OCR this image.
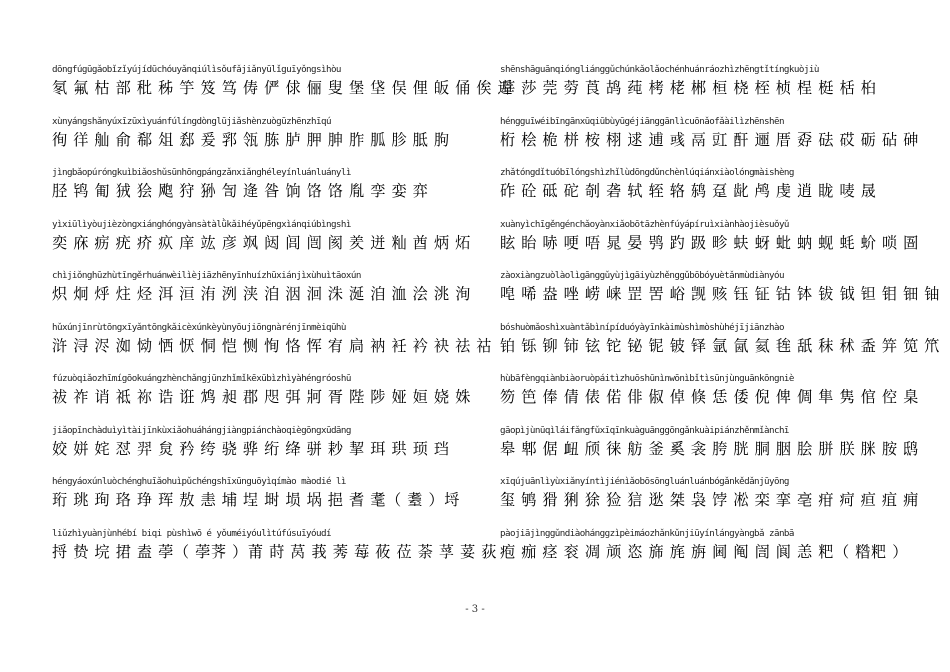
dōngfúgūgǎobǐzǐyújídūchóuyǎnqiúlìsǒufǎjiǎnyūlǐguīyǒngsìhòu
氡 氟 枯 部 秕 秭 竽 笈 笃 俦 俨 俅 俪 叟 堡 垡 俣 俚 皈 俑 俟 逅
xùnyángshǎnyúxīzūxìyuánfúlíngdònglūjiǎshènzuògūzhēnzhīqú
徇 徉 舢 俞 郗 俎 郄 爰 郛 瓴 胨 胪 胛 胂 胙 胍 胗 胝 朐
jìngbǎopúróngkuìbiǎoshǔsūnhōngpángzǎnxiǎnghéleyínluánluánylì
胫 鸨 匍 狨 狯 飑 狩 狲 訇 逄 昝 饷 饹 饹 胤 孪 娈 弈
yìxiūlìyòujièzòngxiánghóngyànsàtàlǜkǎihéyǔpēngxìánqiúbìngshì
奕 庥 疬 疣 疥 疭 庠 竑 彦 飒 闼 闾 闿 阂 羑 迸 籼 酋 炳 炻
chìjiǒnghūzhùtīngěrhuánwèilìèjiāzhēnyīnhuízhūxiánjìxùhuìtāoxún
炽 炯 烀 炷 烃 洱 洹 洧 洌 浃 洎 洇 洄 洙 涎 洎 洫 浍 洮 洵
hǔxúnjīnrùtōngxīyǎntōngkǎicèxúnkèyùnyōujiōngnàrénjīnmèiqūhù
浒 浔 浕 洳 恸 恓 恹 恫 恺 恻 恂 恪 恽 宥 扃 衲 衽 衿 袂 祛 祜
fúzuòqiǎozhīmígōokuángzhènchǎngjūnzhǐmǐkēxūbìzhìyàhéngróoshū
祓 祚 诮 祗 祢 诰 诳 鸩 昶 郡 咫 弭 牁 胥 陛 陟 娅 姮 娆 姝
jiǎopīnchàduìyìtàijīnkùxiǎohuáhángjiàngpiánchàoqiègōngxūdāng
姣 姘 姹 怼 羿 炱 矜 绔 骁 骅 绗 绛 骈 耖 挈 珥 珙 顼 珰
héngyáoxúnluòchénghuīǎohuìpǔchéngshīxūnguōyìqímào màodié lì
珩 珧 珣 珞 琤 珲 敖 恚 埔 埕 埘 埙 埚 挹 耆 耄（ 耋 ）埒
liǔzhìyuànjùnhébí biqi pùshìwō é yǒuméiyóulìtúfúsuīyóudí
捋 贽 垸 捃 盍 荸（ 荸荠 ）莆 莳 莴 莪 莠 莓 莜 莅 荼 莩 荽 荻
shēnshāguānqióngliánggǔchúnkǎolǎochénhuánráozhìzhēngtǐtíngkuòjiù
莘 莎 莞 䓖 莨 鸪 莼 栲 栳 郴 桓 桡 桎 桢 桯 梃 栝 桕
héngguīwéibīngānxūqiūbùyūgéjiānggānlìcuōnǎofǎàilìzhēnshēn
桁 桧 桅 栟 桉 栩 逑 逋 彧 鬲 豇 酐 逦 厝 孬 砝 砹 砺 砧 砷
zhǎtóngdǐtuóbīlóngshìzhǐlùdōngdǔnchènlúqiánxiàolóngmàishèng
砟 砼 砥 砣 剞 砻 轼 轾 辂 鸫 趸 龀 鸬 虔 逍 眬 唛 晟
xuànyìchīgěngénchǎoyànxiǎobōtāzhènfúyápíruìxiànhàojièsuǒyǔ
眩 眙 哧 哽 唔 晁 晏 鸮 趵 趿 畛 蚨 蚜 蚍 蚋 蚬 蚝 蚧 唢 圄
zàoxiàngzuòlàolìgānggǔyùjìgāiyùzhěnggǔbōbóyuètǎnmùdiànyóu
唣 唏 盎 唑 崂 崃 罡 罟 峪 觊 赅 钰 钲 钴 钵 钹 钺 钽 钼 钿 铀
bóshuòmǎoshìxuàntǎbìnípíduóyàyīnkàimùshìmòshùhéjījiānzhào
铂 铄 铆 铈 铉 铊 铋 铌 铍 铎 氩 氤 氦 毪 舐 秣 秫 盉 笄 笕 笊
hùbāfèngqiànbiàoruòpáitìzhuōshūnìnwōnìbǐtìsūnjùnguānkōngniè
笏 笆 俸 倩 俵 偌 俳 俶 倬 倏 恁 倭 倪 俾 倜 隼 隽 倌 倥 臬
gāopìjùnūqìláifǎngfǔxīqīnkuàguānggōngǎnkuàipiánzhěnmǐànchī
皋 郫 倨 衄 颀 徕 舫 釜 奚 衾 胯 胱 胴 胭 脍 胼 朕 脒 胺 鸱
xīqújuānlìyùxiǎnyíntìjiénìǎobōsōngluánluánbógǎnkědǎnjūyōng
玺 鸲 猾 猁 狳 猃 狺 逖 桀 袅 饽 凇 栾 挛 亳 疳 疴 疸 疽 痈
pàojiājìnggǔndiàohánggzìpèimáozhǎnkǔnjiūyínlángyàngbǎ zānbā
疱 痂 痉 衮 凋 颃 恣 旆 旄 旃 阃 阄 訚 阆 恙 粑（ 糌粑 ）
- 3 -
